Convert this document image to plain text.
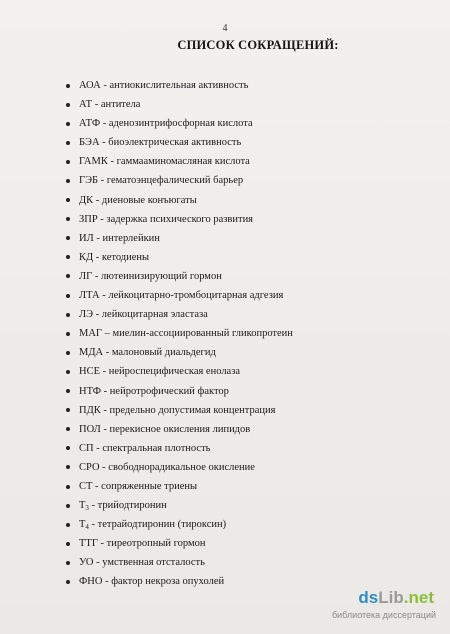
4
СПИСОК СОКРАЩЕНИЙ:
АОА - антиокислительная активность
АТ - антитела
АТФ - аденозинтрифосфорная кислота
БЭА - биоэлектрическая активность
ГАМК - гаммааминомасляная кислота
ГЭБ - гематоэнцефалический барьер
ДК - диеновые конъюгаты
ЗПР - задержка психического развития
ИЛ - интерлейкин
КД - кетодиены
ЛГ - лютеинизирующий гормон
ЛТА - лейкоцитарно-тромбоцитарная адгезия
ЛЭ - лейкоцитарная эластаза
МАГ – миелин-ассоциированный гликопротеин
МДА - малоновый диальдегид
НСЕ - нейроспецифическая енолаза
НТФ - нейротрофический фактор
ПДК - предельно допустимая концентрация
ПОЛ - перекисное окисления липидов
СП - спектральная плотность
СРО - свободнорадикальное окисление
СТ - сопряженные триены
$Т_3$ - трийодтиронин
$Т_4$ - тетрайодтиронин (тироксин)
ТТГ - тиреотропный гормон
УО - умственная отсталость
ФНО - фактор некроза опухолей
dsLib.net
библиотека диссертаций
